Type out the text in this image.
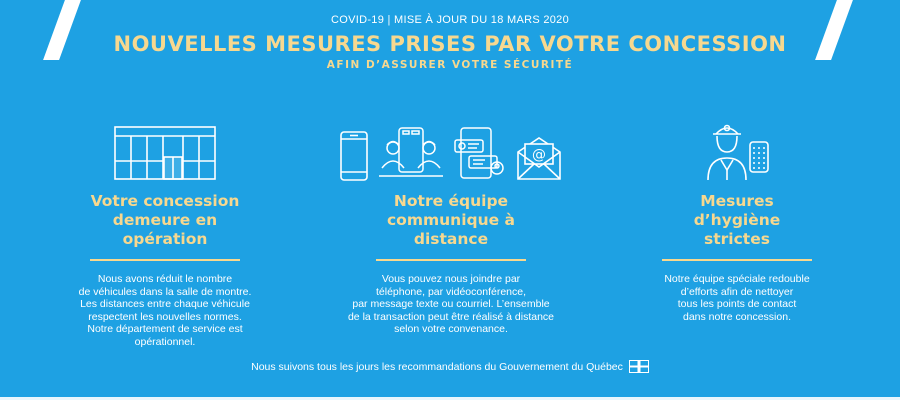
COVID-19 | MISE À JOUR DU 18 MARS 2020
NOUVELLES MESURES PRISES PAR VOTRE CONCESSION
AFIN D’ASSURER VOTRE SÉCURITÉ
Votre concession
demeure en
opération
Nous avons réduit le nombre
de véhicules dans la salle de montre.
Les distances entre chaque véhicule
respectent les nouvelles normes.
Notre département de service est
opérationnel.
@
Notre équipe
communique à
distance
Vous pouvez nous joindre par
téléphone, par vidéoconférence,
par message texte ou courriel. L’ensemble
de la transaction peut être réalisé à distance
selon votre convenance.
Mesures
d’hygiène
strictes
Notre équipe spéciale redouble
d’efforts afin de nettoyer
tous les points de contact
dans notre concession.
Nous suivons tous les jours les recommandations du Gouvernement du Québec
